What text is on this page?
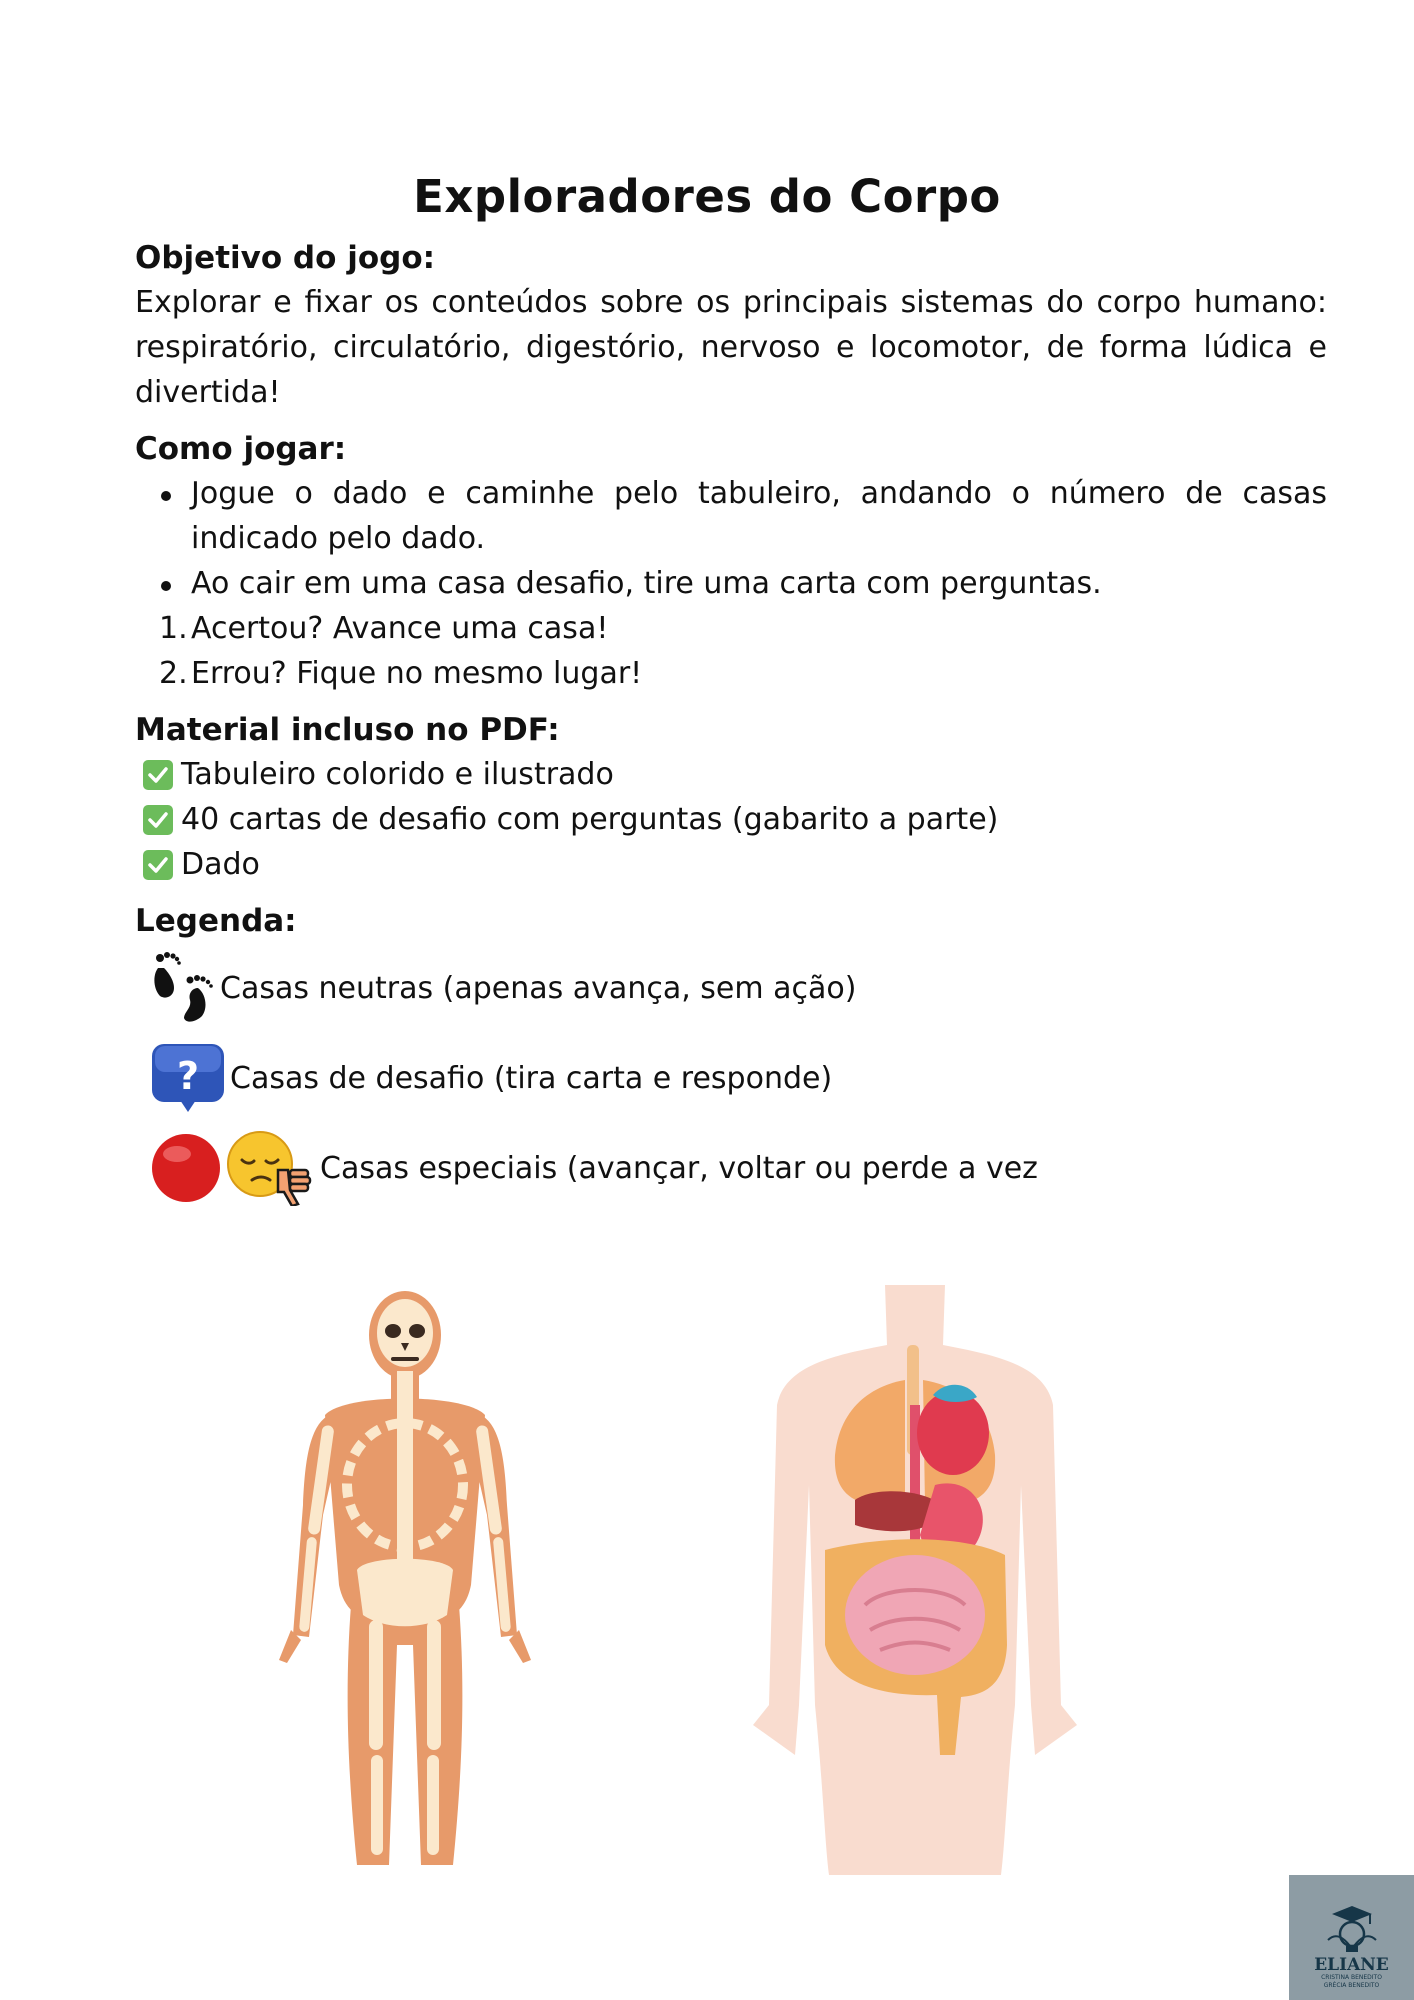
Exploradores do Corpo

Objetivo do jogo:

Explorar e fixar os conteúdos sobre os principais sistemas do corpo humano: respiratório, circulatório, digestório, nervoso e locomotor, de forma lúdica e divertida!

Como jogar:

Jogue o dado e caminhe pelo tabuleiro, andando o número de casas indicado pelo dado.
Ao cair em uma casa desafio, tire uma carta com perguntas.
1. Acertou? Avance uma casa!
2. Errou? Fique no mesmo lugar!

Material incluso no PDF:

Tabuleiro colorido e ilustrado
40 cartas de desafio com perguntas (gabarito a parte)
Dado

Legenda:

Casas neutras (apenas avança, sem ação)
? Casas de desafio (tira carta e responde)
Casas especiais (avançar, voltar ou perde a vez
ELIANE
CRISTINA BENEDITO
GRÉCIA BENEDITO
